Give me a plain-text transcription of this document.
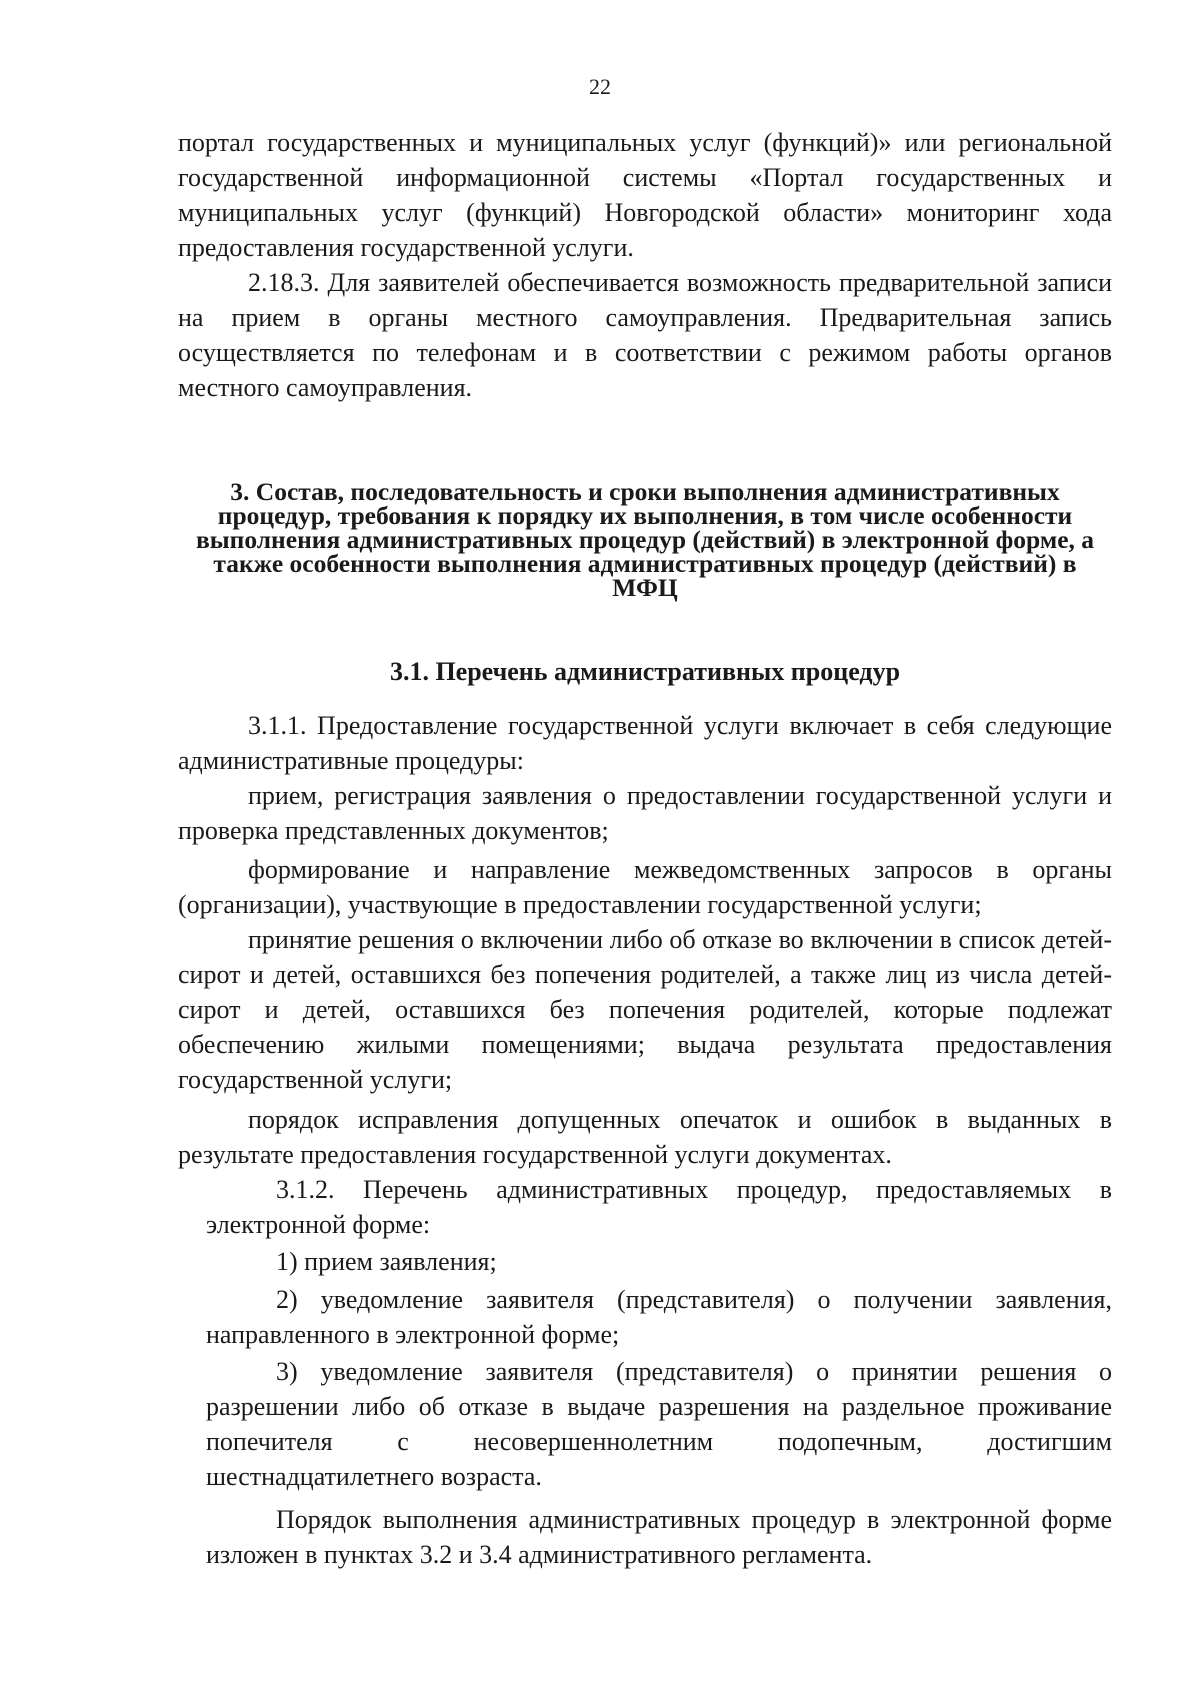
22

портал государственных и муниципальных услуг (функций)» или региональной государственной информационной системы «Портал государственных и муниципальных услуг (функций) Новгородской области» мониторинг хода предоставления государственной услуги.

2.18.3. Для заявителей обеспечивается возможность предварительной записи на прием в органы местного самоуправления. Предварительная запись осуществляется по телефонам и в соответствии с режимом работы органов местного самоуправления.

3. Состав, последовательность и сроки выполнения административных процедур, требования к порядку их выполнения, в том числе особенности выполнения административных процедур (действий) в электронной форме, а также особенности выполнения административных процедур (действий) в МФЦ
3.1. Перечень административных процедур

3.1.1. Предоставление государственной услуги включает в себя следующие административные процедуры:

прием, регистрация заявления о предоставлении государственной услуги и проверка представленных документов;

формирование и направление межведомственных запросов в органы (организации), участвующие в предоставлении государственной услуги;

принятие решения о включении либо об отказе во включении в список детей-сирот и детей, оставшихся без попечения родителей, а также лиц из числа детей-сирот и детей, оставшихся без попечения родителей, которые подлежат обеспечению жилыми помещениями; выдача результата предоставления государственной услуги;

порядок исправления допущенных опечаток и ошибок в выданных в результате предоставления государственной услуги документах.

3.1.2. Перечень административных процедур, предоставляемых в электронной форме:

1) прием заявления;

2) уведомление заявителя (представителя) о получении заявления, направленного в электронной форме;

3) уведомление заявителя (представителя) о принятии решения о разрешении либо об отказе в выдаче разрешения на раздельное проживание попечителя с несовершеннолетним подопечным, достигшим шестнадцатилетнего возраста.

Порядок выполнения административных процедур в электронной форме изложен в пунктах 3.2 и 3.4 административного регламента.
